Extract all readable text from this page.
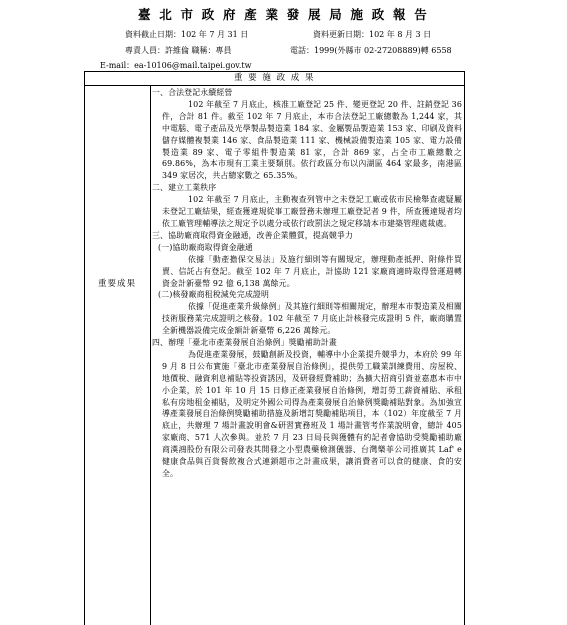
臺 北 市 政 府 產 業 發 展 局 施 政 報 告
資料截止日期：102 年 7 月 31 日	資料更新日期：102 年 8 月 3 日
專責人員：許維倫 職稱：專員	電話：1999(外縣市 02-27208889)轉 6558
E-mail：ea-10106@mail.taipei.gov.tw
重 要 施 政 成 果
重要成果

一、合法登記永續經營

102 年截至 7 月底止，核准工廠登記 25 件、變更登記 20 件、註銷登記 36 件，合計 81 件。截至 102 年 7 月底止，本市合法登記工廠總數為 1,244 家，其中電腦、電子產品及光學製品製造業 184 家、金屬製品製造業 153 家、印刷及資料儲存媒體複製業 146 家、食品製造業 111 家、機械設備製造業 105 家、電力設備製造業 89 家、電子零組件製造業 81 家，合計 869 家，占全市工廠總數之 69.86%，為本市現有工業主要類別。依行政區分布以內湖區 464 家最多，南港區 349 家居次，共占總家數之 65.35%。

二、建立工業秩序

102 年截至 7 月底止，主動複查列管中之未登記工廠或依市民檢舉查處疑屬未登記工廠結果，經查獲違規從事工廠營務未辦理工廠登記者 9 件，所查獲違規者均依工廠管理輔導法之規定予以處分或依行政罰法之規定移請本市建築管理處裁處。

三、協助廠商取得資金融通，改善企業體質，提高競爭力

(一)協助廠商取得資金融通

依據「動產擔保交易法」及施行細則等有關規定，辦理動產抵押、附條件買賣、信託占有登記。截至 102 年 7 月底止，計協助 121 家廠商適時取得營運週轉資金計新臺幣 92 億 6,138 萬餘元。

(二)核發廠商租稅減免完成證明

依據「促進產業升級條例」及其施行細則等相關規定，辦理本市製造業及相關技術服務業完成證明之核發。102 年截至 7 月底止計核發完成證明 5 件，廠商購置全新機器設備完成金額計新臺幣 6,226 萬餘元。

四、辦理「臺北市產業發展自治條例」獎勵補助計畫

為促進產業發展，鼓勵創新及投資，輔導中小企業提升競爭力，本府於 99 年 9 月 8 日公布實施「臺北市產業發展自治條例」，提供勞工職業訓練費用、房屋稅、地價稅、融資利息補貼等投資誘因，及研發經費補助；為擴大招商引資並嘉惠本市中小企業，於 101 年 10 月 15 日修正產業發展自治條例，增訂勞工薪資補貼、承租私有房地租金補貼，及明定外國公司得為產業發展自治條例獎勵補貼對象。為加強宣導產業發展自治條例獎勵補助措施及新增訂獎勵補貼項目，本（102）年度截至 7 月底止，共辦理 7 場計畫說明會&研習實務班及 1 場計畫管考作業說明會，總計 405 家廠商、571 人次參與。並於 7 月 23 日局長與獲體有約記者會協助受獎勵補助廠商漢鴻股份有限公司發表其開發之小型農藥檢測儀器、台灣樂菲公司推廣其 Laf' e 健康食品與百貨餐飲複合式連鎖超市之計畫成果，讓消費者可以食的健康、食的安全。
